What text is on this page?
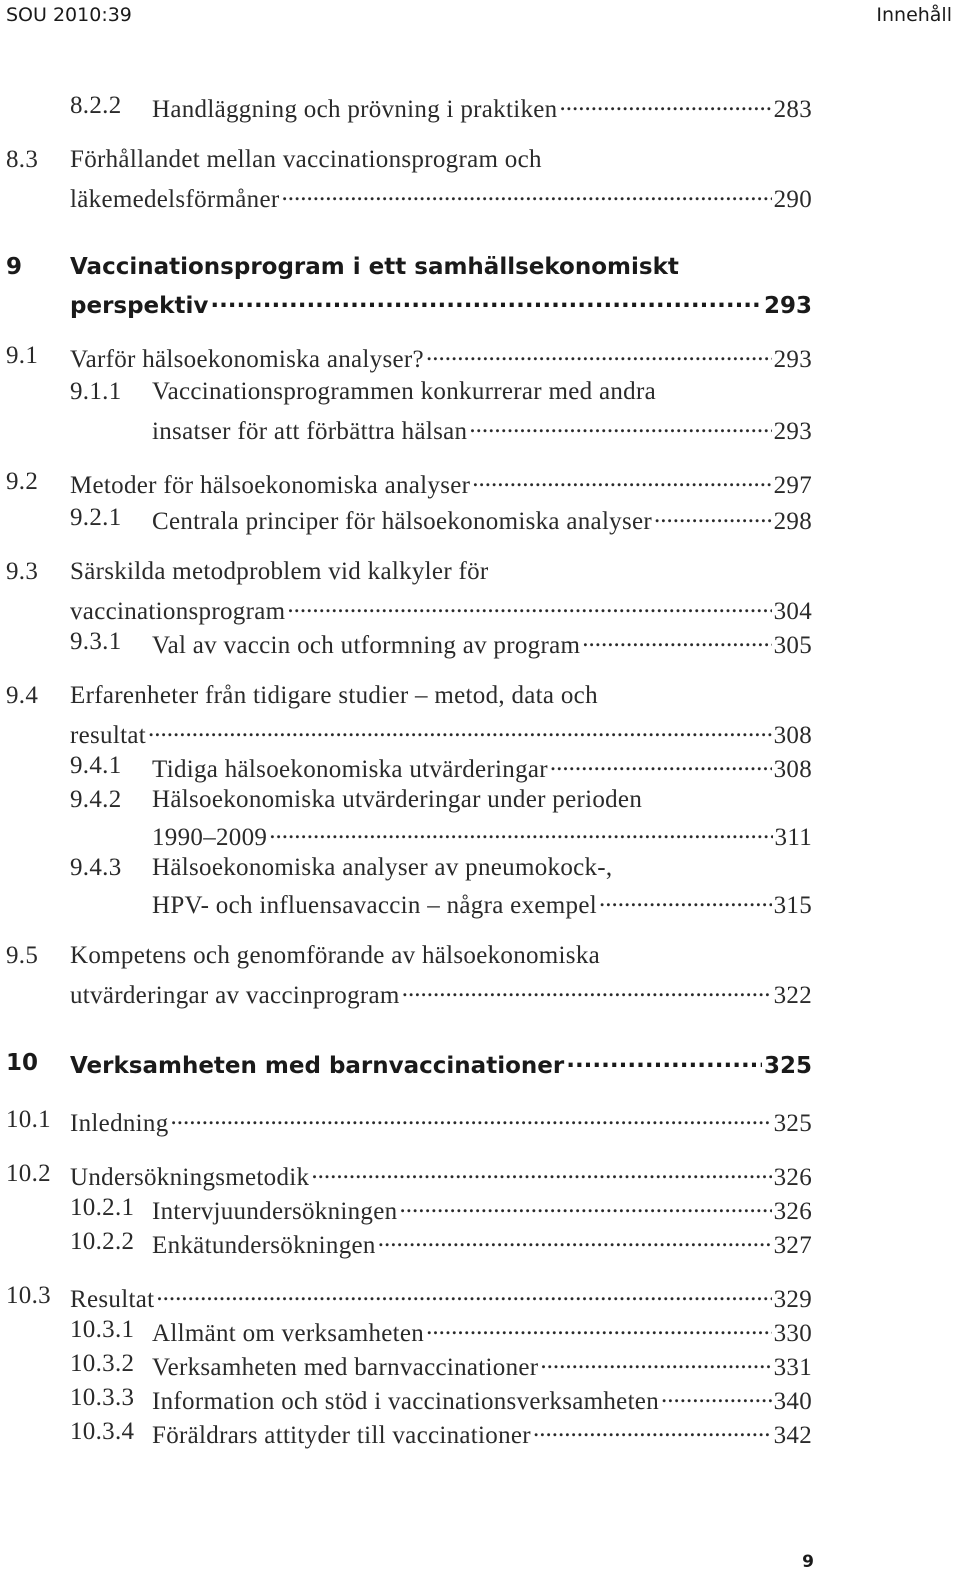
SOU 2010:39	Innehåll
8.2.2 Handläggning och prövning i praktiken .....	283
8.3 Förhållandet mellan vaccinationsprogram och
läkemedelsförmåner .....	290
9 Vaccinationsprogram i ett samhällsekonomiskt
perspektiv .....	293
9.1 Varför hälsoekonomiska analyser? .....	293
9.1.1 Vaccinationsprogrammen konkurrerar med andra
insatser för att förbättra hälsan .....	293
9.2 Metoder för hälsoekonomiska analyser .....	297
9.2.1 Centrala principer för hälsoekonomiska analyser .....	298
9.3 Särskilda metodproblem vid kalkyler för
vaccinationsprogram .....	304
9.3.1 Val av vaccin och utformning av program .....	305
9.4 Erfarenheter från tidigare studier – metod, data och
resultat .....	308
9.4.1 Tidiga hälsoekonomiska utvärderingar .....	308
9.4.2 Hälsoekonomiska utvärderingar under perioden
1990–2009 .....	311
9.4.3 Hälsoekonomiska analyser av pneumokock-,
HPV- och influensavaccin – några exempel .....	315
9.5 Kompetens och genomförande av hälsoekonomiska
utvärderingar av vaccinprogram .....	322
10 Verksamheten med barnvaccinationer .....	325
10.1 Inledning .....	325
10.2 Undersökningsmetodik .....	326
10.2.1 Intervjuundersökningen .....	326
10.2.2 Enkätundersökningen .....	327
10.3 Resultat .....	329
10.3.1 Allmänt om verksamheten .....	330
10.3.2 Verksamheten med barnvaccinationer .....	331
10.3.3 Information och stöd i vaccinationsverksamheten .....	340
10.3.4 Föräldrars attityder till vaccinationer .....	342
9
